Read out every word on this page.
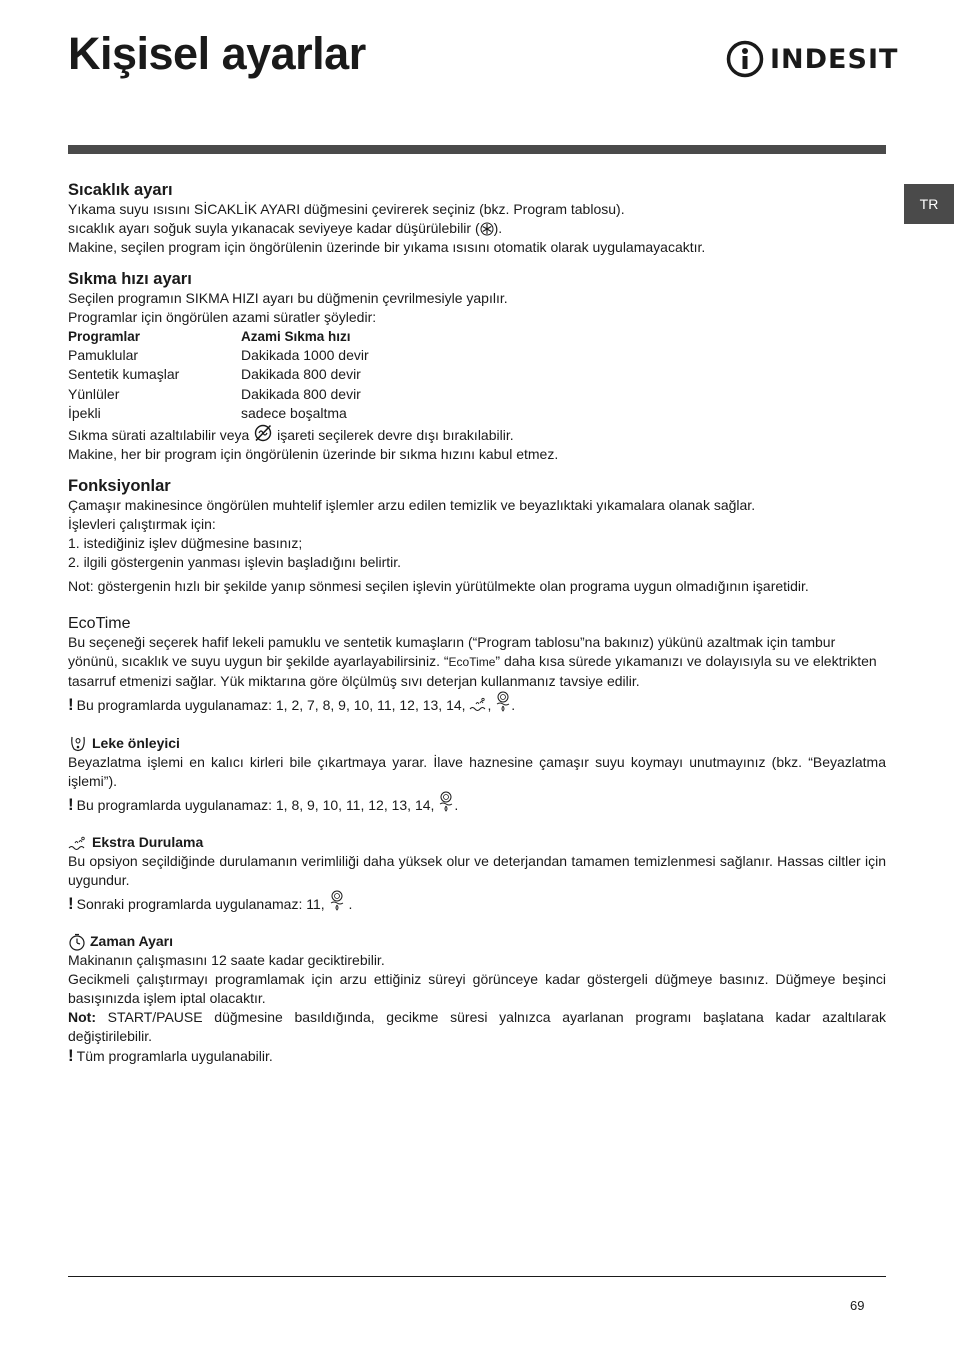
Kişisel ayarlar	INDESIT
TR
Sıcaklık ayarı

Yıkama suyu ısısını SİCAKLİK AYARI düğmesini çevirerek seçiniz (bkz. Program tablosu).

sıcaklık ayarı soğuk suyla yıkanacak seviyeye kadar düşürülebilir ( ).

Makine, seçilen program için öngörülenin üzerinde bir yıkama ısısını otomatik olarak uygulamayacaktır.

Sıkma hızı ayarı

Seçilen programın SIKMA HIZI ayarı bu düğmenin çevrilmesiyle yapılır.

Programlar için öngörülen azami süratler şöyledir:

Programlar	Azami Sıkma hızı
Pamuklular	Dakikada 1000 devir
Sentetik kumaşlar	Dakikada 800 devir
Yünlüler	Dakikada 800 devir
İpekli	sadece boşaltma

Sıkma sürati azaltılabilir veya  işareti seçilerek devre dışı bırakılabilir.

Makine, her bir program için öngörülenin üzerinde bir sıkma hızını kabul etmez.

Fonksiyonlar

Çamaşır makinesince öngörülen muhtelif işlemler arzu edilen temizlik ve beyazlıktaki yıkamalara olanak sağlar.

İşlevleri çalıştırmak için:

1. istediğiniz işlev düğmesine basınız;

2. ilgili göstergenin yanması işlevin başladığını belirtir.

Not: göstergenin hızlı bir şekilde yanıp sönmesi seçilen işlevin yürütülmekte olan programa uygun olmadığının işaretidir.

EcoTime

Bu seçeneği seçerek hafif lekeli pamuklu ve sentetik kumaşların (“Program tablosu”na bakınız) yükünü azaltmak için tambur yönünü, sıcaklık ve suyu uygun bir şekilde ayarlayabilirsiniz. “EcoTime” daha kısa sürede yıkamanızı ve dolayısıyla su ve elektrikten tasarruf etmenizi sağlar. Yük miktarına göre ölçülmüş sıvı deterjan kullanmanız tavsiye edilir.

! Bu programlarda uygulanamaz: 1, 2, 7, 8, 9, 10, 11, 12, 13, 14, , .

Leke önleyici

Beyazlatma işlemi en kalıcı kirleri bile çıkartmaya yarar. İlave haznesine çamaşır suyu koymayı unutmayınız (bkz. “Beyazlatma işlemi”).

! Bu programlarda uygulanamaz: 1, 8, 9, 10, 11, 12, 13, 14, .

Ekstra Durulama

Bu opsiyon seçildiğinde durulamanın verimliliği daha yüksek olur ve deterjandan tamamen temizlenmesi sağlanır. Hassas ciltler için uygundur.

! Sonraki programlarda uygulanamaz: 11, .

Zaman Ayarı

Makinanın çalışmasını 12 saate kadar geciktirebilir.

Gecikmeli çalıştırmayı programlamak için arzu ettiğiniz süreyi görünceye kadar göstergeli düğmeye basınız. Düğmeye beşinci basışınızda işlem iptal olacaktır.

Not: START/PAUSE düğmesine basıldığında, gecikme süresi yalnızca ayarlanan programı başlatana kadar azaltılarak değiştirilebilir.

! Tüm programlarla uygulanabilir.

69
